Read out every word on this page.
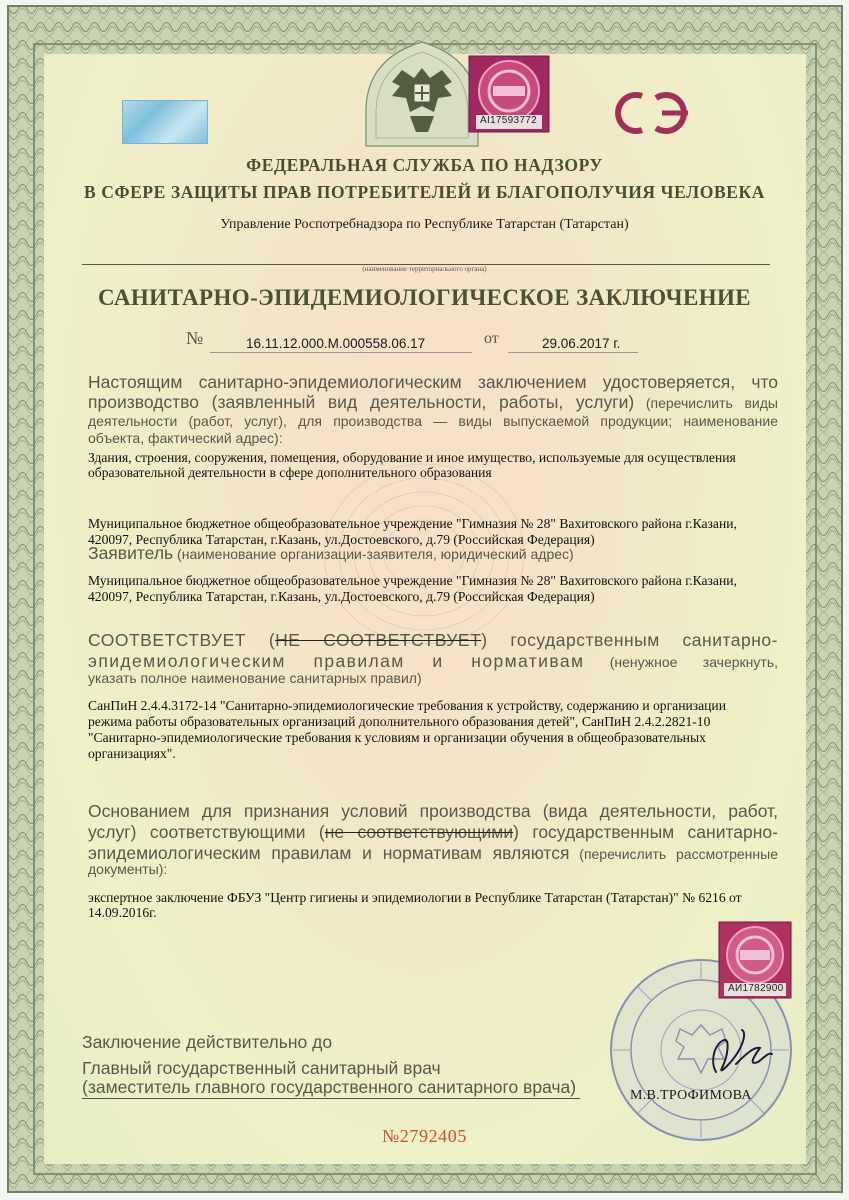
AI17593772
ФЕДЕРАЛЬНАЯ СЛУЖБА ПО НАДЗОРУ
В СФЕРЕ ЗАЩИТЫ ПРАВ ПОТРЕБИТЕЛЕЙ И БЛАГОПОЛУЧИЯ ЧЕЛОВЕКА
Управление Роспотребнадзора по Республике Татарстан (Татарстан)
(наименование территориального органа)
САНИТАРНО-ЭПИДЕМИОЛОГИЧЕСКОЕ ЗАКЛЮЧЕНИЕ
№	16.11.12.000.М.000558.06.17	от	29.06.2017 г.
Настоящим санитарно-эпидемиологическим заключением удостоверяется, что
производство (заявленный вид деятельности, работы, услуги) (перечислить виды
деятельности (работ, услуг), для производства — виды выпускаемой продукции; наименование
объекта, фактический адрес):
Здания, строения, сооружения, помещения, оборудование и иное имущество, используемые для осуществления
образовательной деятельности в сфере дополнительного образования
Муниципальное бюджетное общеобразовательное учреждение "Гимназия № 28" Вахитовского района г.Казани,
420097, Республика Татарстан, г.Казань, ул.Достоевского, д.79 (Российская Федерация)
Заявитель (наименование организации-заявителя, юридический адрес)
Муниципальное бюджетное общеобразовательное учреждение "Гимназия № 28" Вахитовского района г.Казани,
420097, Республика Татарстан, г.Казань, ул.Достоевского, д.79 (Российская Федерация)
СООТВЕТСТВУЕТ (НЕ СООТВЕТСТВУЕТ) государственным санитарно-
эпидемиологическим правилам и нормативам (ненужное зачеркнуть,
указать полное наименование санитарных правил)
СанПиН 2.4.4.3172-14 "Санитарно-эпидемиологические требования к устройству, содержанию и организации
режима работы образовательных организаций дополнительного образования детей", СанПиН 2.4.2.2821-10
"Санитарно-эпидемиологические требования к условиям и организации обучения в общеобразовательных
организациях".
Основанием для признания условий производства (вида деятельности, работ,
услуг) соответствующими (не соответствующими) государственным санитарно-
эпидемиологическим правилам и нормативам являются (перечислить рассмотренные
документы):
экспертное заключение ФБУЗ "Центр гигиены и эпидемиологии в Республике Татарстан (Татарстан)" № 6216 от
14.09.2016г.
АИ1782900
Заключение действительно до
Главный государственный санитарный врач
(заместитель главного государственного санитарного врача)	М.В.ТРОФИМОВА
№2792405
